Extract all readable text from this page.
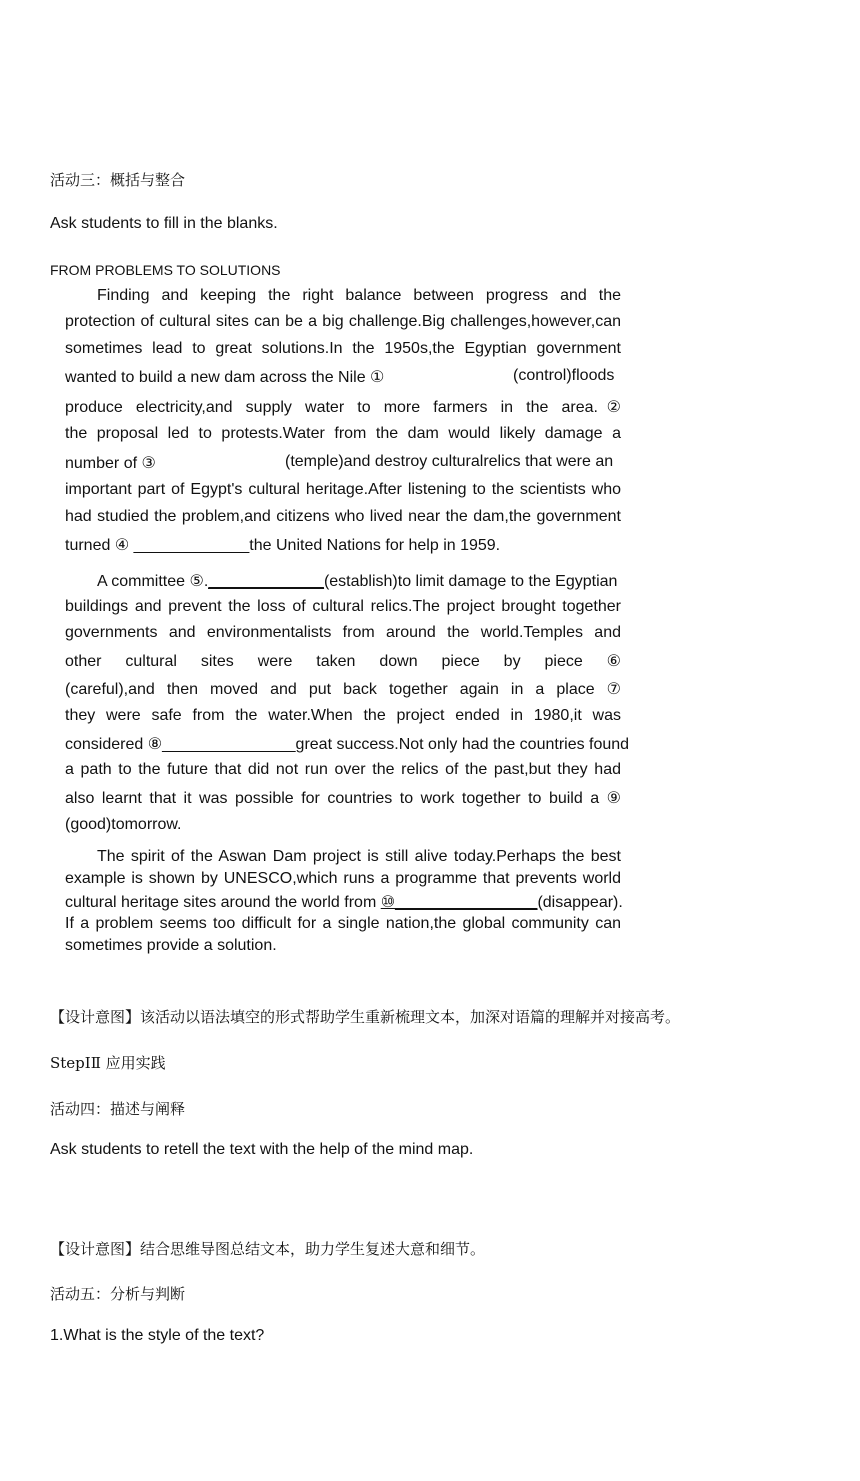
活动三：概括与整合
Ask students to fill in the blanks.
FROM PROBLEMS TO SOLUTIONS
Finding and keeping the right balance between progress and the
protection of cultural sites can be a big challenge.Big challenges,however,can
sometimes lead to great solutions.In the 1950s,the Egyptian government
wanted to build a new dam across the Nile ①	(control)floods
produce electricity,and supply water to more farmers in the area.②
the proposal led to protests.Water from the dam would likely damage a
number of ③	(temple)and destroy culturalrelics that were an
important part of Egypt's cultural heritage.After listening to the scientists who
had studied the problem,and citizens who lived near the dam,the government
turned ④ _____________the United Nations for help in 1959.
A committee ⑤._____________(establish)to limit damage to the Egyptian
buildings and prevent the loss of cultural relics.The project brought together
governments and environmentalists from around the world.Temples and
other cultural sites were taken down piece by piece ⑥
(careful),and then moved and put back together again in a place ⑦
they were safe from the water.When the project ended in 1980,it was
considered ⑧_______________great success.Not only had the countries found
a path to the future that did not run over the relics of the past,but they had
also learnt that it was possible for countries to work together to build a ⑨
(good)tomorrow.
The spirit of the Aswan Dam project is still alive today.Perhaps the best
example is shown by UNESCO,which runs a programme that prevents world
cultural heritage sites around the world from ⑩________________(disappear).
If a problem seems too difficult for a single nation,the global community can
sometimes provide a solution.
【设计意图】该活动以语法填空的形式帮助学生重新梳理文本，加深对语篇的理解并对接高考。
StepⅠⅡ 应用实践
活动四：描述与阐释
Ask students to retell the text with the help of the mind map.
【设计意图】结合思维导图总结文本，助力学生复述大意和细节。
活动五：分析与判断
1.What is the style of the text?
